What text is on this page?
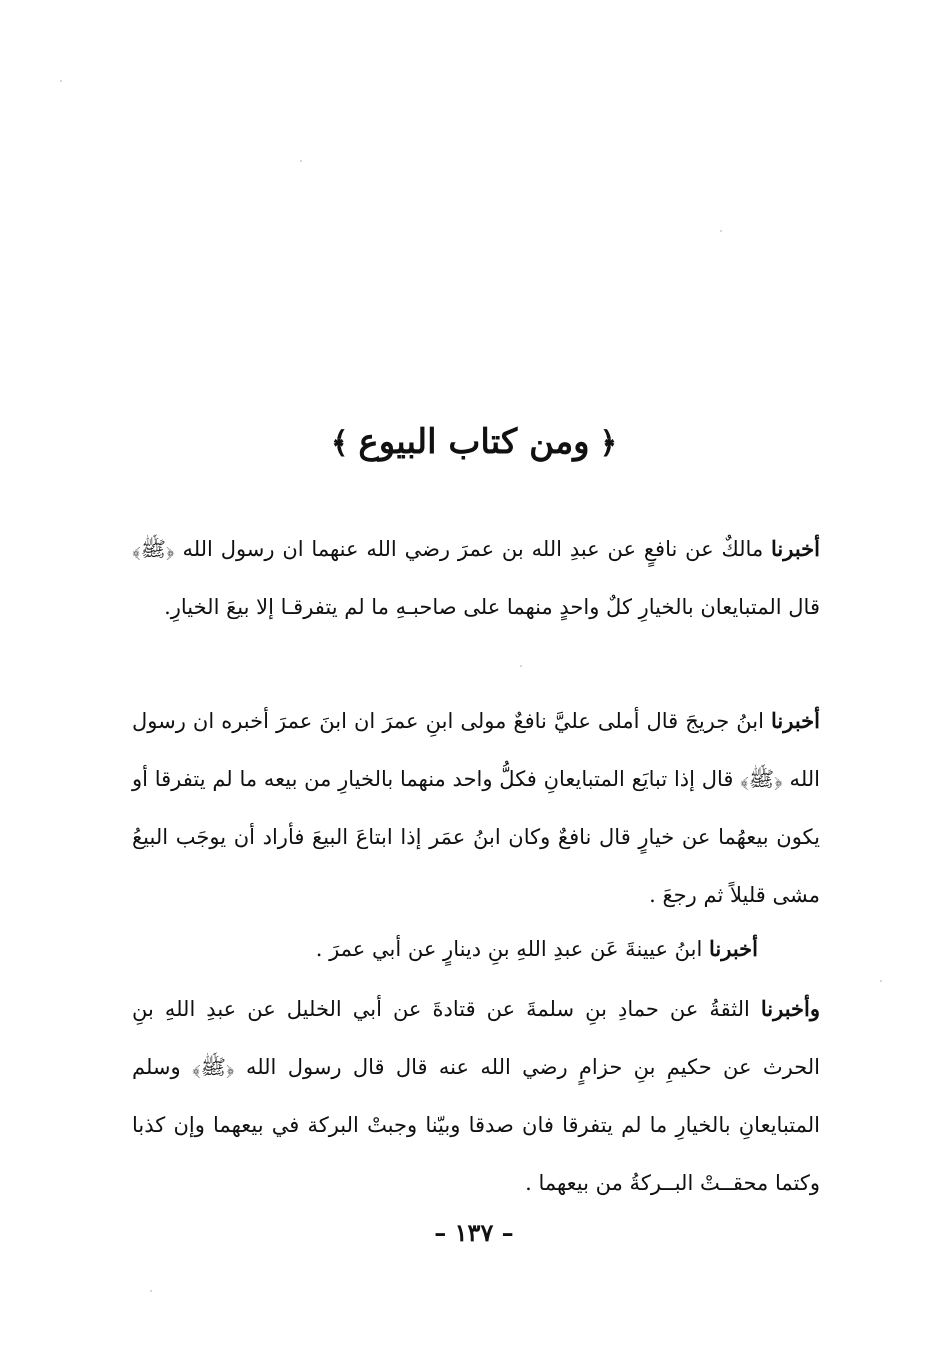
﴿ومن كتاب البيوع﴾

أخبرنا مالكٌ عن نافعٍ عن عبدِ الله بن عمرَ رضي الله عنهما ان رسول الله ﴿ﷺ﴾ قال المتبايعان بالخيارِ كلٌ واحدٍ منهما على صاحبـهِ ما لم يتفرقـا إلا بيعَ الخيارِ.

أخبرنا ابنُ جريجَ قال أملى عليَّ نافعٌ مولى ابنِ عمرَ ان ابنَ عمرَ أخبره ان رسول الله ﴿ﷺ﴾ قال إذا تبايَع المتبايعانِ فكلُّ واحد منهما بالخيارِ من بيعه ما لم يتفرقا أو يكون بيعهُما عن خيارٍ قال نافعٌ وكان ابنُ عمَر إذا ابتاعَ البيعَ فأراد أن يوجَب البيعُ مشى قليلاً ثم رجعَ .

أخبرنا ابنُ عيينةَ عَن عبدِ اللهِ بنِ دينارٍ عن أبي عمرَ .

وأخبرنا الثقةُ عن حمادِ بنِ سلمةَ عن قتادةَ عن أبي الخليل عن عبدِ اللهِ بنِ الحرث عن حكيمِ بنِ حزامٍ رضي الله عنه قال قال رسول الله ﴿ﷺ﴾ وسلم المتبايعانِ بالخيارِ ما لم يتفرقا فان صدقا وبيّنا وجبتْ البركة في بيعهما وإن كذبا وكتما محقــتْ البــركةُ من بيعهما .

– ١٣٧ –
